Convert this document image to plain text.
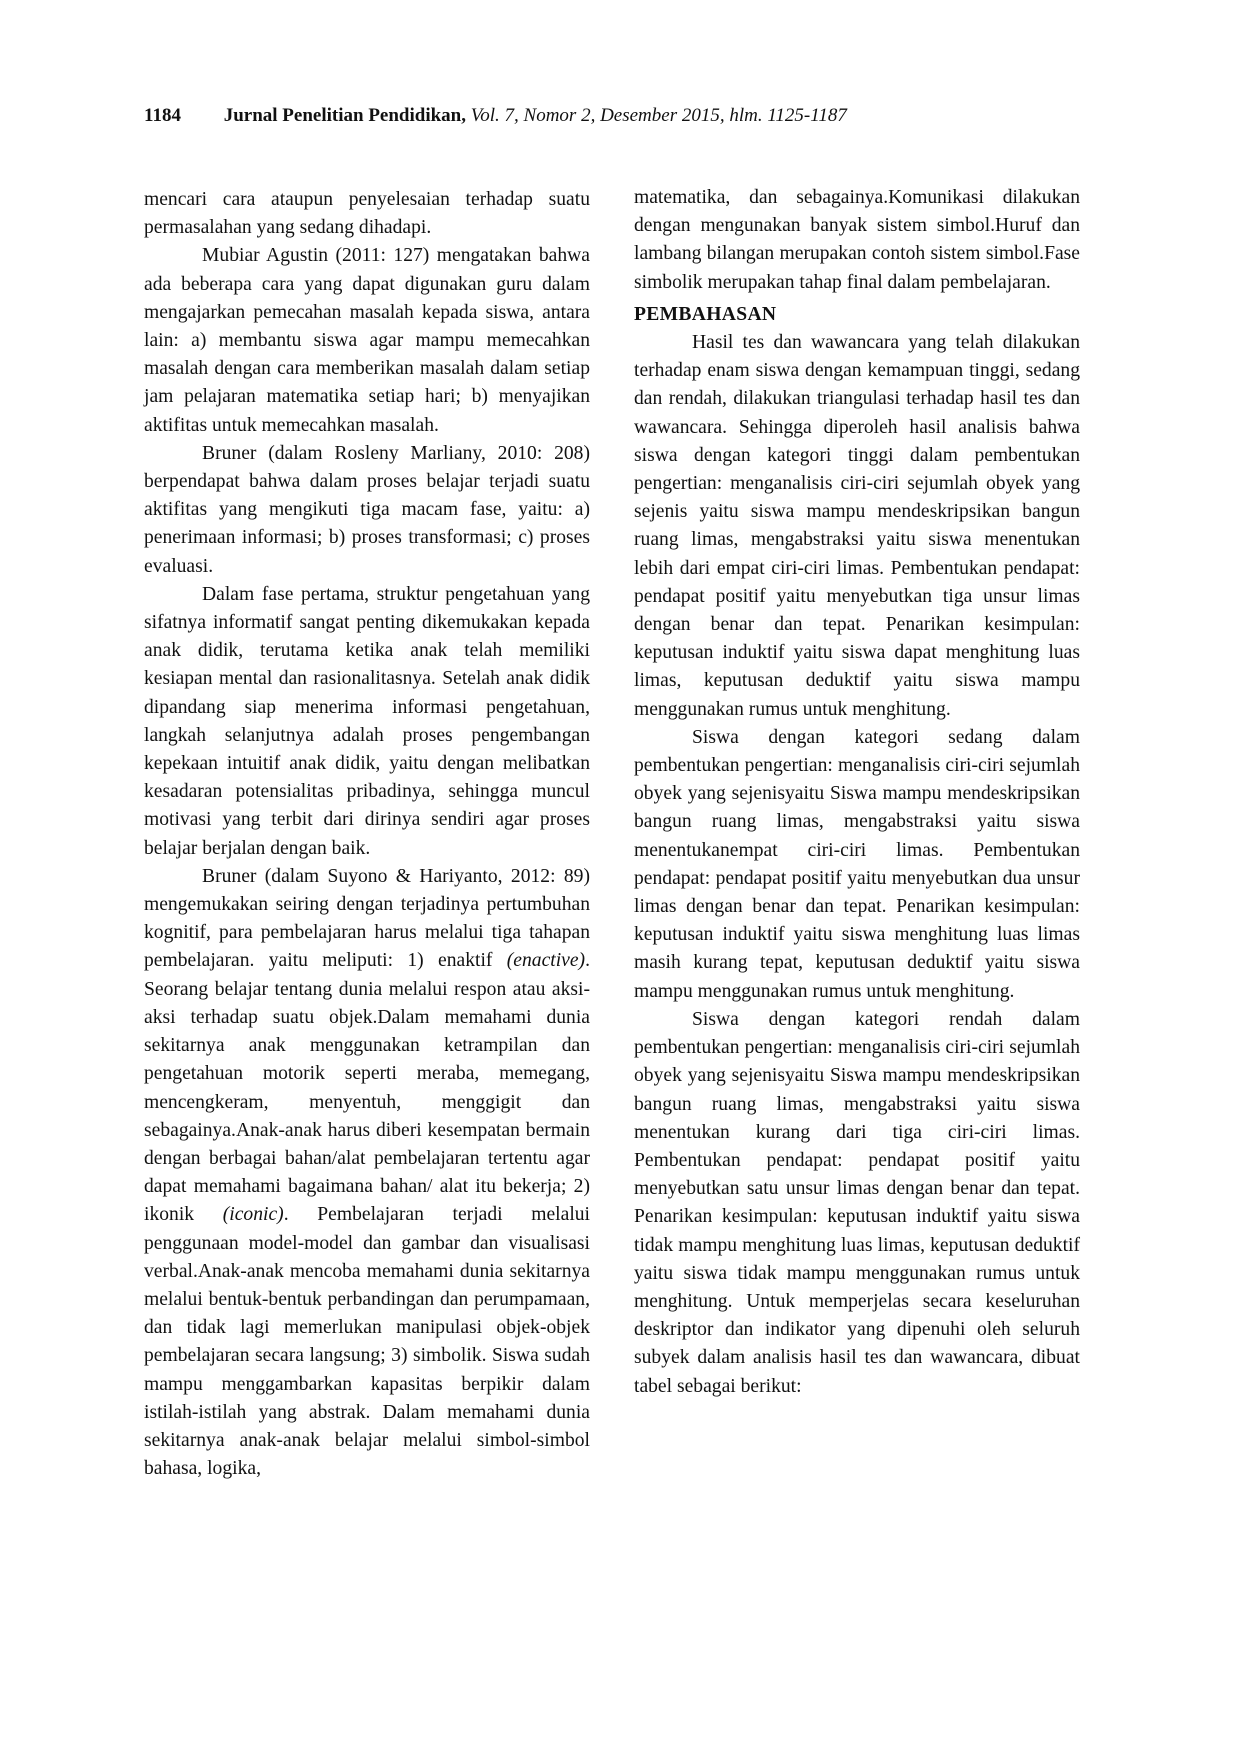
1184 Jurnal Penelitian Pendidikan, Vol. 7, Nomor 2, Desember 2015, hlm. 1125-1187

mencari cara ataupun penyelesaian terhadap suatu permasalahan yang sedang dihadapi.

Mubiar Agustin (2011: 127) mengatakan bahwa ada beberapa cara yang dapat digunakan guru dalam mengajarkan pemecahan masalah kepada siswa, antara lain: a) membantu siswa agar mampu memecahkan masalah dengan cara memberikan masalah dalam setiap jam pelajaran matematika setiap hari; b) menyajikan aktifitas untuk memecahkan masalah.

Bruner (dalam Rosleny Marliany, 2010: 208) berpendapat bahwa dalam proses belajar terjadi suatu aktifitas yang mengikuti tiga macam fase, yaitu: a) penerimaan informasi; b) proses transformasi; c) proses evaluasi.

Dalam fase pertama, struktur pengetahuan yang sifatnya informatif sangat penting dikemukakan kepada anak didik, terutama ketika anak telah memiliki kesiapan mental dan rasionalitasnya. Setelah anak didik dipandang siap menerima informasi pengetahuan, langkah selanjutnya adalah proses pengembangan kepekaan intuitif anak didik, yaitu dengan melibatkan kesadaran potensialitas pribadinya, sehingga muncul motivasi yang terbit dari dirinya sendiri agar proses belajar berjalan dengan baik.

Bruner (dalam Suyono & Hariyanto, 2012: 89) mengemukakan seiring dengan terjadinya pertumbuhan kognitif, para pembelajaran harus melalui tiga tahapan pembelajaran. yaitu meliputi: 1) enaktif (enactive). Seorang belajar tentang dunia melalui respon atau aksi-aksi terhadap suatu objek.Dalam memahami dunia sekitarnya anak menggunakan ketrampilan dan pengetahuan motorik seperti meraba, memegang, mencengkeram, menyentuh, menggigit dan sebagainya.Anak-anak harus diberi kesempatan bermain dengan berbagai bahan/alat pembelajaran tertentu agar dapat memahami bagaimana bahan/ alat itu bekerja; 2) ikonik (iconic). Pembelajaran terjadi melalui penggunaan model-model dan gambar dan visualisasi verbal.Anak-anak mencoba memahami dunia sekitarnya melalui bentuk-bentuk perbandingan dan perumpamaan, dan tidak lagi memerlukan manipulasi objek-objek pembelajaran secara langsung; 3) simbolik. Siswa sudah mampu menggambarkan kapasitas berpikir dalam istilah-istilah yang abstrak. Dalam memahami dunia sekitarnya anak-anak belajar melalui simbol-simbol bahasa, logika,

matematika, dan sebagainya.Komunikasi dilakukan dengan mengunakan banyak sistem simbol.Huruf dan lambang bilangan merupakan contoh sistem simbol.Fase simbolik merupakan tahap final dalam pembelajaran.

PEMBAHASAN

Hasil tes dan wawancara yang telah dilakukan terhadap enam siswa dengan kemampuan tinggi, sedang dan rendah, dilakukan triangulasi terhadap hasil tes dan wawancara. Sehingga diperoleh hasil analisis bahwa siswa dengan kategori tinggi dalam pembentukan pengertian: menganalisis ciri-ciri sejumlah obyek yang sejenis yaitu siswa mampu mendeskripsikan bangun ruang limas, mengabstraksi yaitu siswa menentukan lebih dari empat ciri-ciri limas. Pembentukan pendapat: pendapat positif yaitu menyebutkan tiga unsur limas dengan benar dan tepat. Penarikan kesimpulan: keputusan induktif yaitu siswa dapat menghitung luas limas, keputusan deduktif yaitu siswa mampu menggunakan rumus untuk menghitung.

Siswa dengan kategori sedang dalam pembentukan pengertian: menganalisis ciri-ciri sejumlah obyek yang sejenisyaitu Siswa mampu mendeskripsikan bangun ruang limas, mengabstraksi yaitu siswa menentukanempat ciri-ciri limas. Pembentukan pendapat: pendapat positif yaitu menyebutkan dua unsur limas dengan benar dan tepat. Penarikan kesimpulan: keputusan induktif yaitu siswa menghitung luas limas masih kurang tepat, keputusan deduktif yaitu siswa mampu menggunakan rumus untuk menghitung.

Siswa dengan kategori rendah dalam pembentukan pengertian: menganalisis ciri-ciri sejumlah obyek yang sejenisyaitu Siswa mampu mendeskripsikan bangun ruang limas, mengabstraksi yaitu siswa menentukan kurang dari tiga ciri-ciri limas. Pembentukan pendapat: pendapat positif yaitu menyebutkan satu unsur limas dengan benar dan tepat. Penarikan kesimpulan: keputusan induktif yaitu siswa tidak mampu menghitung luas limas, keputusan deduktif yaitu siswa tidak mampu menggunakan rumus untuk menghitung. Untuk memperjelas secara keseluruhan deskriptor dan indikator yang dipenuhi oleh seluruh subyek dalam analisis hasil tes dan wawancara, dibuat tabel sebagai berikut:
